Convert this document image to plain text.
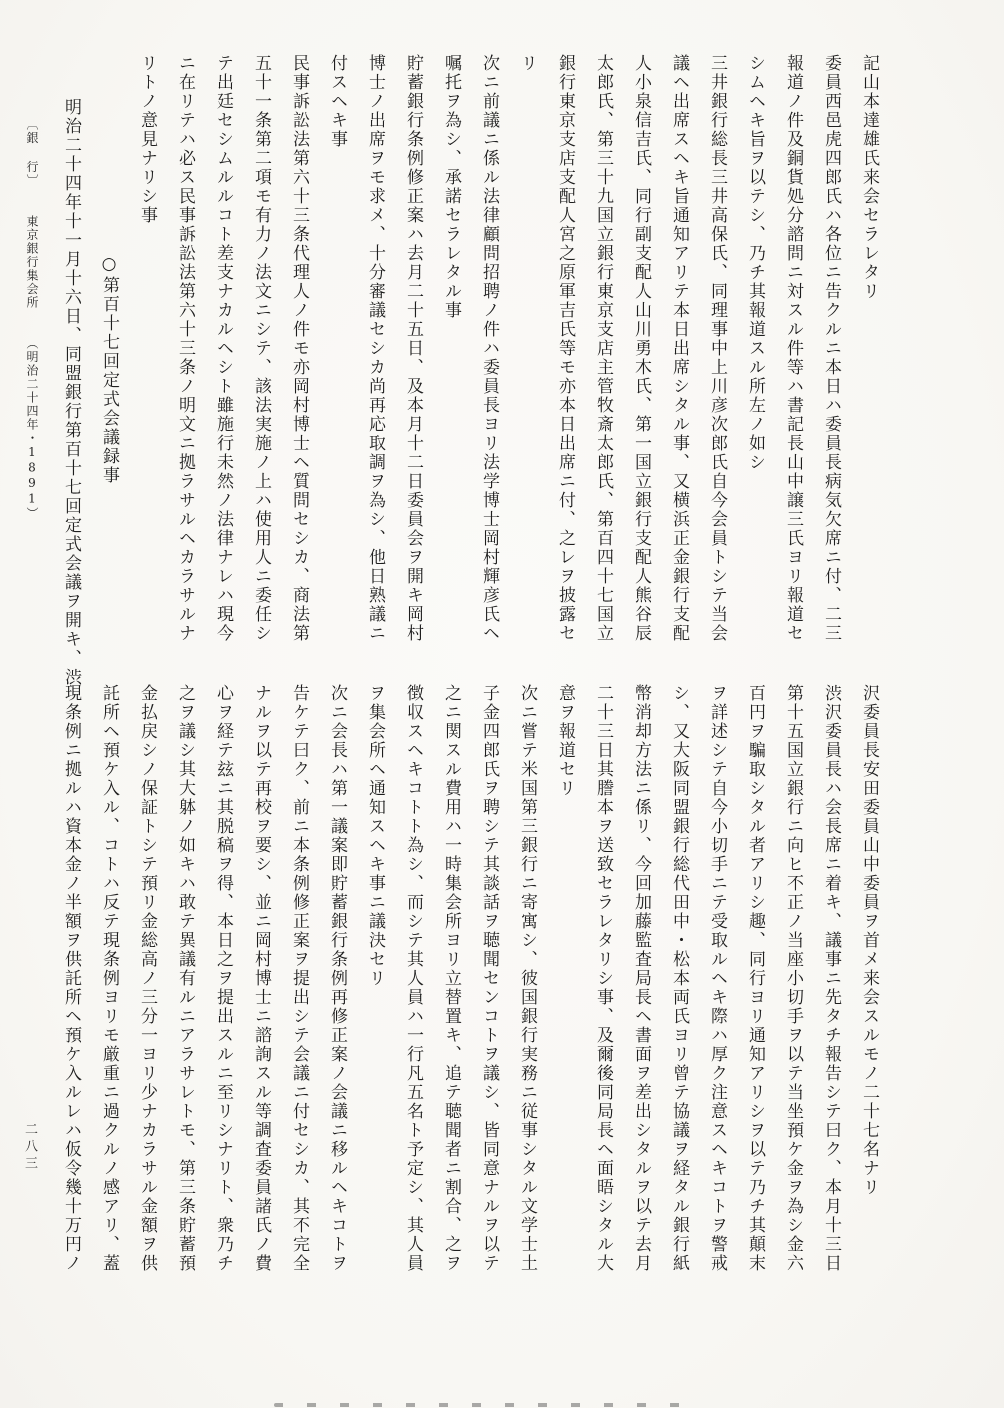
記山本達雄氏来会セラレタリ
委員西邑虎四郎氏ハ各位ニ告クルニ本日ハ委員長病気欠席ニ付、二三
報道ノ件及銅貨処分諮問ニ対スル件等ハ書記長山中譲三氏ヨリ報道セ
シムヘキ旨ヲ以テシ、乃チ其報道スル所左ノ如シ
三井銀行総長三井高保氏、同理事中上川彦次郎氏自今会員トシテ当会
議ヘ出席スヘキ旨通知アリテ本日出席シタル事、又横浜正金銀行支配
人小泉信吉氏、同行副支配人山川勇木氏、第一国立銀行支配人熊谷辰
太郎氏、第三十九国立銀行東京支店主管牧斎太郎氏、第百四十七国立
銀行東京支店支配人宮之原軍吉氏等モ亦本日出席ニ付、之レヲ披露セ
リ
次ニ前議ニ係ル法律顧問招聘ノ件ハ委員長ヨリ法学博士岡村輝彦氏ヘ
嘱托ヲ為シ、承諾セラレタル事
貯蓄銀行条例修正案ハ去月二十五日、及本月十二日委員会ヲ開キ岡村
博士ノ出席ヲモ求メ、十分審議セシカ尚再応取調ヲ為シ、他日熟議ニ
付スヘキ事
民事訴訟法第六十三条代理人ノ件モ亦岡村博士ヘ質問セシカ、商法第
五十一条第二項モ有力ノ法文ニシテ、該法実施ノ上ハ使用人ニ委任シ
テ出廷セシムルルコト差支ナカルヘシト雖施行未然ノ法律ナレハ現今
ニ在リテハ必ス民事訴訟法第六十三条ノ明文ニ拠ラサルヘカラサルナ
リトノ意見ナリシ事
○第百十七回定式会議録事
明治二十四年十一月十六日、同盟銀行第百十七回定式会議ヲ開キ、渋
沢委員長安田委員山中委員ヲ首メ来会スルモノ二十七名ナリ
渋沢委員長ハ会長席ニ着キ、議事ニ先タチ報告シテ曰ク、本月十三日
第十五国立銀行ニ向ヒ不正ノ当座小切手ヲ以テ当坐預ケ金ヲ為シ金六
百円ヲ騙取シタル者アリシ趣、同行ヨリ通知アリシヲ以テ乃チ其顛末
ヲ詳述シテ自今小切手ニテ受取ルヘキ際ハ厚ク注意スヘキコトヲ警戒
シ、又大阪同盟銀行総代田中・松本両氏ヨリ曾テ協議ヲ経タル銀行紙
幣消却方法ニ係リ、今回加藤監査局長ヘ書面ヲ差出シタルヲ以テ去月
二十三日其謄本ヲ送致セラレタリシ事、及爾後同局長ヘ面晤シタル大
意ヲ報道セリ
次ニ嘗テ米国第三銀行ニ寄寓シ、彼国銀行実務ニ従事シタル文学士土
子金四郎氏ヲ聘シテ其談話ヲ聴聞センコトヲ議シ、皆同意ナルヲ以テ
之ニ関スル費用ハ一時集会所ヨリ立替置キ、追テ聴聞者ニ割合、之ヲ
徴収スヘキコトト為シ、而シテ其人員ハ一行凡五名ト予定シ、其人員
ヲ集会所ヘ通知スヘキ事ニ議決セリ
次ニ会長ハ第一議案即貯蓄銀行条例再修正案ノ会議ニ移ルヘキコトヲ
告ケテ曰ク、前ニ本条例修正案ヲ提出シテ会議ニ付セシカ、其不完全
ナルヲ以テ再校ヲ要シ、並ニ岡村博士ニ諮詢スル等調査委員諸氏ノ費
心ヲ経テ玆ニ其脱稿ヲ得、本日之ヲ提出スルニ至リシナリト、衆乃チ
之ヲ議シ其大躰ノ如キハ敢テ異議有ルニアラサレトモ、第三条貯蓄預
金払戻シノ保証トシテ預リ金総高ノ三分一ヨリ少ナカラサル金額ヲ供
託所ヘ預ケ入ル、コトハ反テ現条例ヨリモ厳重ニ過クルノ感アリ、蓋
現条例ニ拠ルハ資本金ノ半額ヲ供託所ヘ預ケ入ルレハ仮令幾十万円ノ
〔銀 行〕 東京銀行集会所 （明治二十四年・1891）
二八三
